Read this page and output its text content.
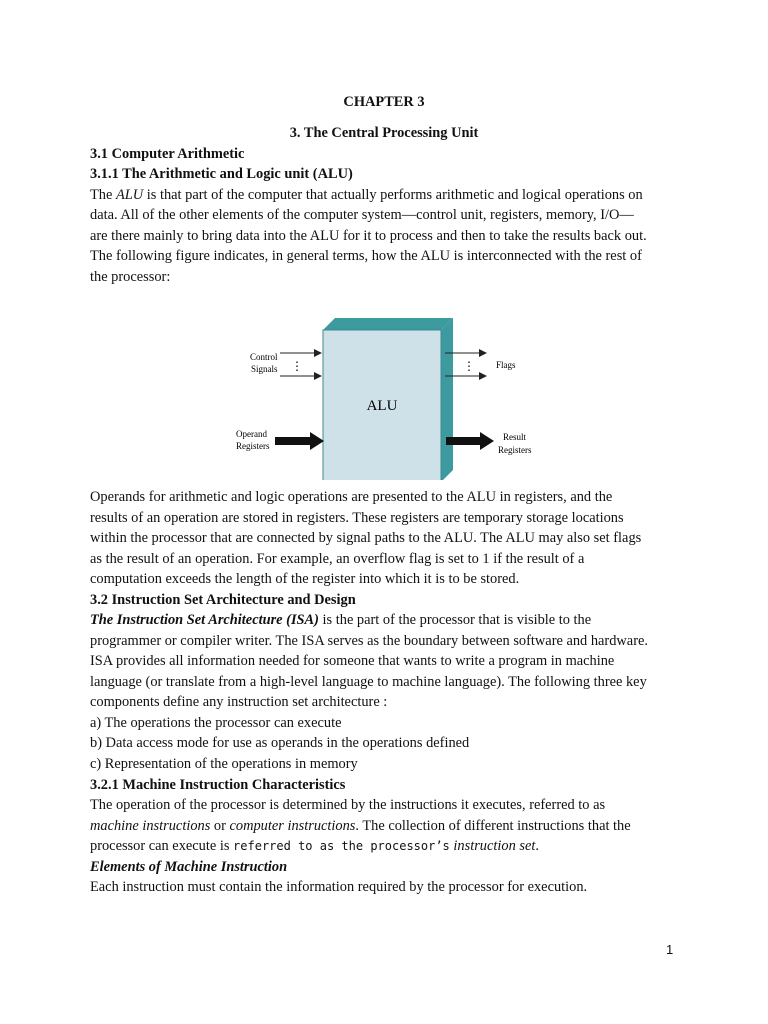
CHAPTER 3
3. The Central Processing Unit
3.1 Computer Arithmetic
3.1.1 The Arithmetic and Logic unit (ALU)
The ALU is that part of the computer that actually performs arithmetic and logical operations on
data. All of the other elements of the computer system—control unit, registers, memory, I/O—
are there mainly to bring data into the ALU for it to process and then to take the results back out.
The following figure indicates, in general terms, how the ALU is interconnected with the rest of
the processor:
ALU
⋮
Control
Signals	⋮ Flags
Operand
Registers
Result
Registers
Operands for arithmetic and logic operations are presented to the ALU in registers, and the
results of an operation are stored in registers. These registers are temporary storage locations
within the processor that are connected by signal paths to the ALU. The ALU may also set flags
as the result of an operation. For example, an overflow flag is set to 1 if the result of a
computation exceeds the length of the register into which it is to be stored.
3.2 Instruction Set Architecture and Design
The Instruction Set Architecture (ISA) is the part of the processor that is visible to the
programmer or compiler writer. The ISA serves as the boundary between software and hardware.
ISA provides all information needed for someone that wants to write a program in machine
language (or translate from a high-level language to machine language). The following three key
components define any instruction set architecture :
a) The operations the processor can execute
b) Data access mode for use as operands in the operations defined
c) Representation of the operations in memory
3.2.1 Machine Instruction Characteristics
The operation of the processor is determined by the instructions it executes, referred to as
machine instructions or computer instructions. The collection of different instructions that the
processor can execute is referred to as the processor’s instruction set.
Elements of Machine Instruction
Each instruction must contain the information required by the processor for execution.
1
